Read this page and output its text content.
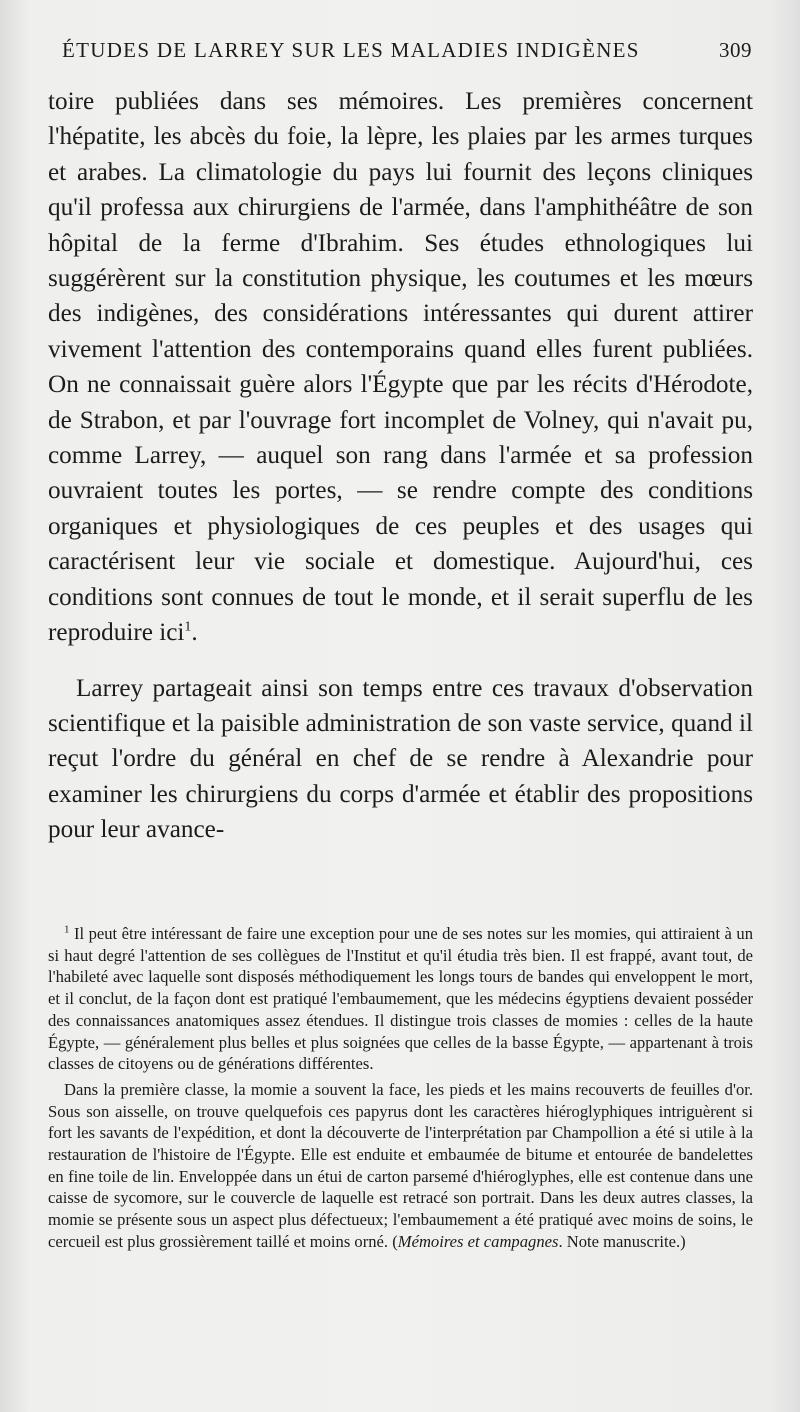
ÉTUDES DE LARREY SUR LES MALADIES INDIGÈNES	309

toire publiées dans ses mémoires. Les premières concernent l'hépatite, les abcès du foie, la lèpre, les plaies par les armes turques et arabes. La climatologie du pays lui fournit des leçons cliniques qu'il professa aux chirurgiens de l'armée, dans l'amphithéâtre de son hôpital de la ferme d'Ibrahim. Ses études ethnologiques lui suggérèrent sur la constitution physique, les coutumes et les mœurs des indigènes, des considérations intéressantes qui durent attirer vivement l'attention des contemporains quand elles furent publiées. On ne connaissait guère alors l'Égypte que par les récits d'Hérodote, de Strabon, et par l'ouvrage fort incomplet de Volney, qui n'avait pu, comme Larrey, — auquel son rang dans l'armée et sa profession ouvraient toutes les portes, — se rendre compte des conditions organiques et physiologiques de ces peuples et des usages qui caractérisent leur vie sociale et domestique. Aujourd'hui, ces conditions sont connues de tout le monde, et il serait superflu de les reproduire ici$^1$.

Larrey partageait ainsi son temps entre ces travaux d'observation scientifique et la paisible administration de son vaste service, quand il reçut l'ordre du général en chef de se rendre à Alexandrie pour examiner les chirurgiens du corps d'armée et établir des propositions pour leur avance-

$^1$ Il peut être intéressant de faire une exception pour une de ses notes sur les momies, qui attiraient à un si haut degré l'attention de ses collègues de l'Institut et qu'il étudia très bien. Il est frappé, avant tout, de l'habileté avec laquelle sont disposés méthodiquement les longs tours de bandes qui enveloppent le mort, et il conclut, de la façon dont est pratiqué l'embaumement, que les médecins égyptiens devaient posséder des connaissances anatomiques assez étendues. Il distingue trois classes de momies : celles de la haute Égypte, — généralement plus belles et plus soignées que celles de la basse Égypte, — appartenant à trois classes de citoyens ou de générations différentes.

Dans la première classe, la momie a souvent la face, les pieds et les mains recouverts de feuilles d'or. Sous son aisselle, on trouve quelquefois ces papyrus dont les caractères hiéroglyphiques intriguèrent si fort les savants de l'expédition, et dont la découverte de l'interprétation par Champollion a été si utile à la restauration de l'histoire de l'Égypte. Elle est enduite et embaumée de bitume et entourée de bandelettes en fine toile de lin. Enveloppée dans un étui de carton parsemé d'hiéroglyphes, elle est contenue dans une caisse de sycomore, sur le couvercle de laquelle est retracé son portrait. Dans les deux autres classes, la momie se présente sous un aspect plus défectueux; l'embaumement a été pratiqué avec moins de soins, le cercueil est plus grossièrement taillé et moins orné. (Mémoires et campagnes. Note manuscrite.)
